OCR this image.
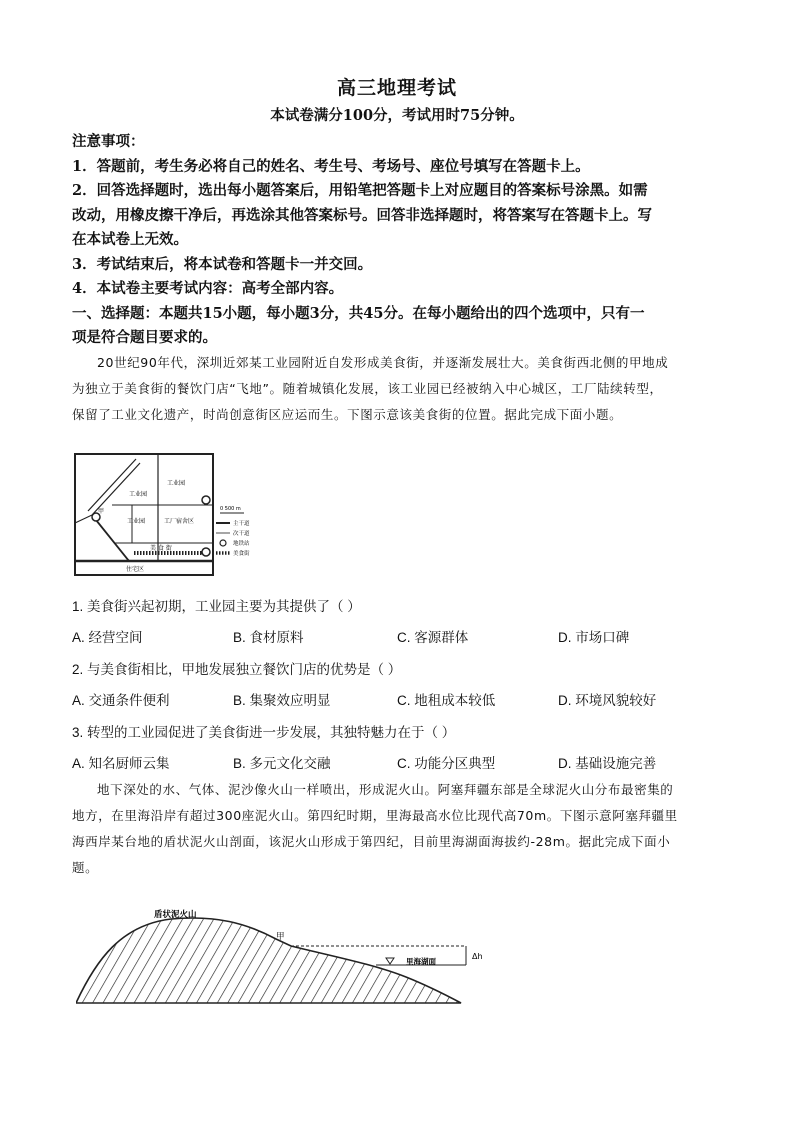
高三地理考试
本试卷满分100分，考试用时75分钟。
注意事项：
1．答题前，考生务必将自己的姓名、考生号、考场号、座位号填写在答题卡上。
2．回答选择题时，选出每小题答案后，用铅笔把答题卡上对应题目的答案标号涂黑。如需
改动，用橡皮擦干净后，再选涂其他答案标号。回答非选择题时，将答案写在答题卡上。写
在本试卷上无效。
3．考试结束后，将本试卷和答题卡一并交回。
4．本试卷主要考试内容：高考全部内容。
一、选择题：本题共15小题，每小题3分，共45分。在每小题给出的四个选项中，只有一
项是符合题目要求的。
20世纪90年代，深圳近郊某工业园附近自发形成美食街，并逐渐发展壮大。美食街西北侧的甲地成
为独立于美食街的餐饮门店“飞地”。随着城镇化发展，该工业园已经被纳入中心城区，工厂陆续转型，
保留了工业文化遗产，时尚创意街区应运而生。下图示意该美食街的位置。据此完成下面小题。
工业园
工业园
工厂宿舍区
工业园
住宅区
美 食 街
甲	0 500 m
主干道
次干道
地铁站
美食街
1. 美食街兴起初期，工业园主要为其提供了（ ）
A. 经营空间	B. 食材原料	C. 客源群体	D. 市场口碑
2. 与美食街相比，甲地发展独立餐饮门店的优势是（ ）
A. 交通条件便利	B. 集聚效应明显	C. 地租成本较低	D. 环境风貌较好
3. 转型的工业园促进了美食街进一步发展，其独特魅力在于（ ）
A. 知名厨师云集	B. 多元文化交融	C. 功能分区典型	D. 基础设施完善
地下深处的水、气体、泥沙像火山一样喷出，形成泥火山。阿塞拜疆东部是全球泥火山分布最密集的
地方，在里海沿岸有超过300座泥火山。第四纪时期，里海最高水位比现代高70m。下图示意阿塞拜疆里
海西岸某台地的盾状泥火山剖面，该泥火山形成于第四纪，目前里海湖面海拔约-28m。据此完成下面小
题。
盾状泥火山
甲
里海湖面
Δh
